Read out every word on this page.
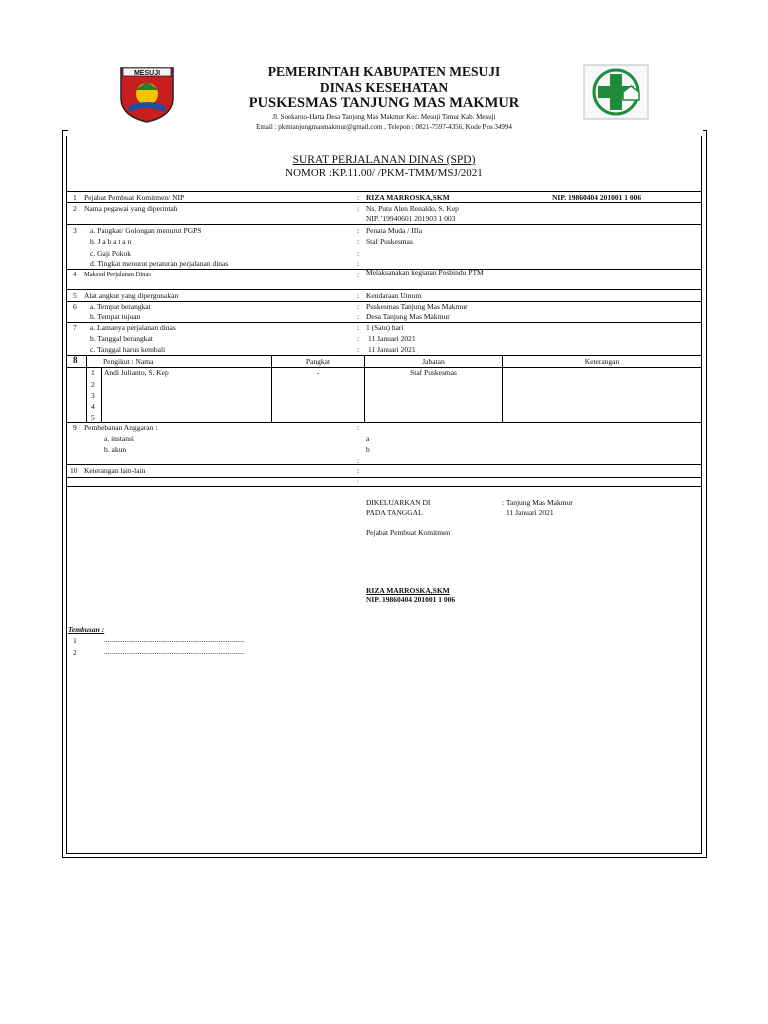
MESUJI	PEMERINTAH KABUPATEN MESUJI
DINAS KESEHATAN
PUSKESMAS TANJUNG MAS MAKMUR
Jl. Soekarno-Hatta Desa Tanjung Mas Makmur Kec. Mesuji Timur Kab. Mesuji
Email : pkmtanjungmasmakmur@gmail.com , Telepon : 0821-7597-4356, Kode Pos 34994
SURAT PERJALANAN DINAS (SPD)
NOMOR :KP.11.00/ /PKM-TMM/MSJ/2021
1 Pejabat Pembuat Komitmen/ NIP	: RIZA MARROSKA,SKM	NIP. 19860404 201001 1 006
2 Nama pegawai yang diperintah	: Ns. Putu Alen Renaldo, S. Kep
NIP. '19940601 201903 1 003
3 a. Pangkat/ Golongan menurut PGPS	: Penata Muda / IIIa
b. J a b a t a n	: Staf Puskesmas
c. Gaji Pokok	:
d. Tingkat menurut peraturan perjalanan dinas	:
4 Maksud Perjalanan Dinas	: Melaksanakan kegiatan Posbindu PTM
5 Alat angkut yang dipergunakan	: Kendaraan Umum
6 a. Tempat berangkat	: Puskesmas Tanjung Mas Makmur
b. Tempat tujuan	: Desa Tanjung Mas Makmur
7 a. Lamanya perjalanan dinas	: 1 (Satu) hari
b. Tanggal berangkat	: 11 Januari 2021
c. Tanggal harus kembali	: 11 Januari 2021
8	Pengikut : Nama	Pangkat	Jabatan	Keterangan
1 Andi Julianto, S. Kep	-	Staf Puskesmas
2
3
4
5
9 Pembebanan Anggaran :	:
a. instansi	a
b. akun	b
:
10 Keterangan lain-lain	:
:
DIKELUARKAN DI	: Tanjung Mas Makmur
PADA TANGGAL	11 Januari 2021
Pejabat Pembuat Komitmen
RIZA MARROSKA,SKM
NIP. 19860404 201001 1 006
Tembusan :
1	...........................................................................
2	...........................................................................
